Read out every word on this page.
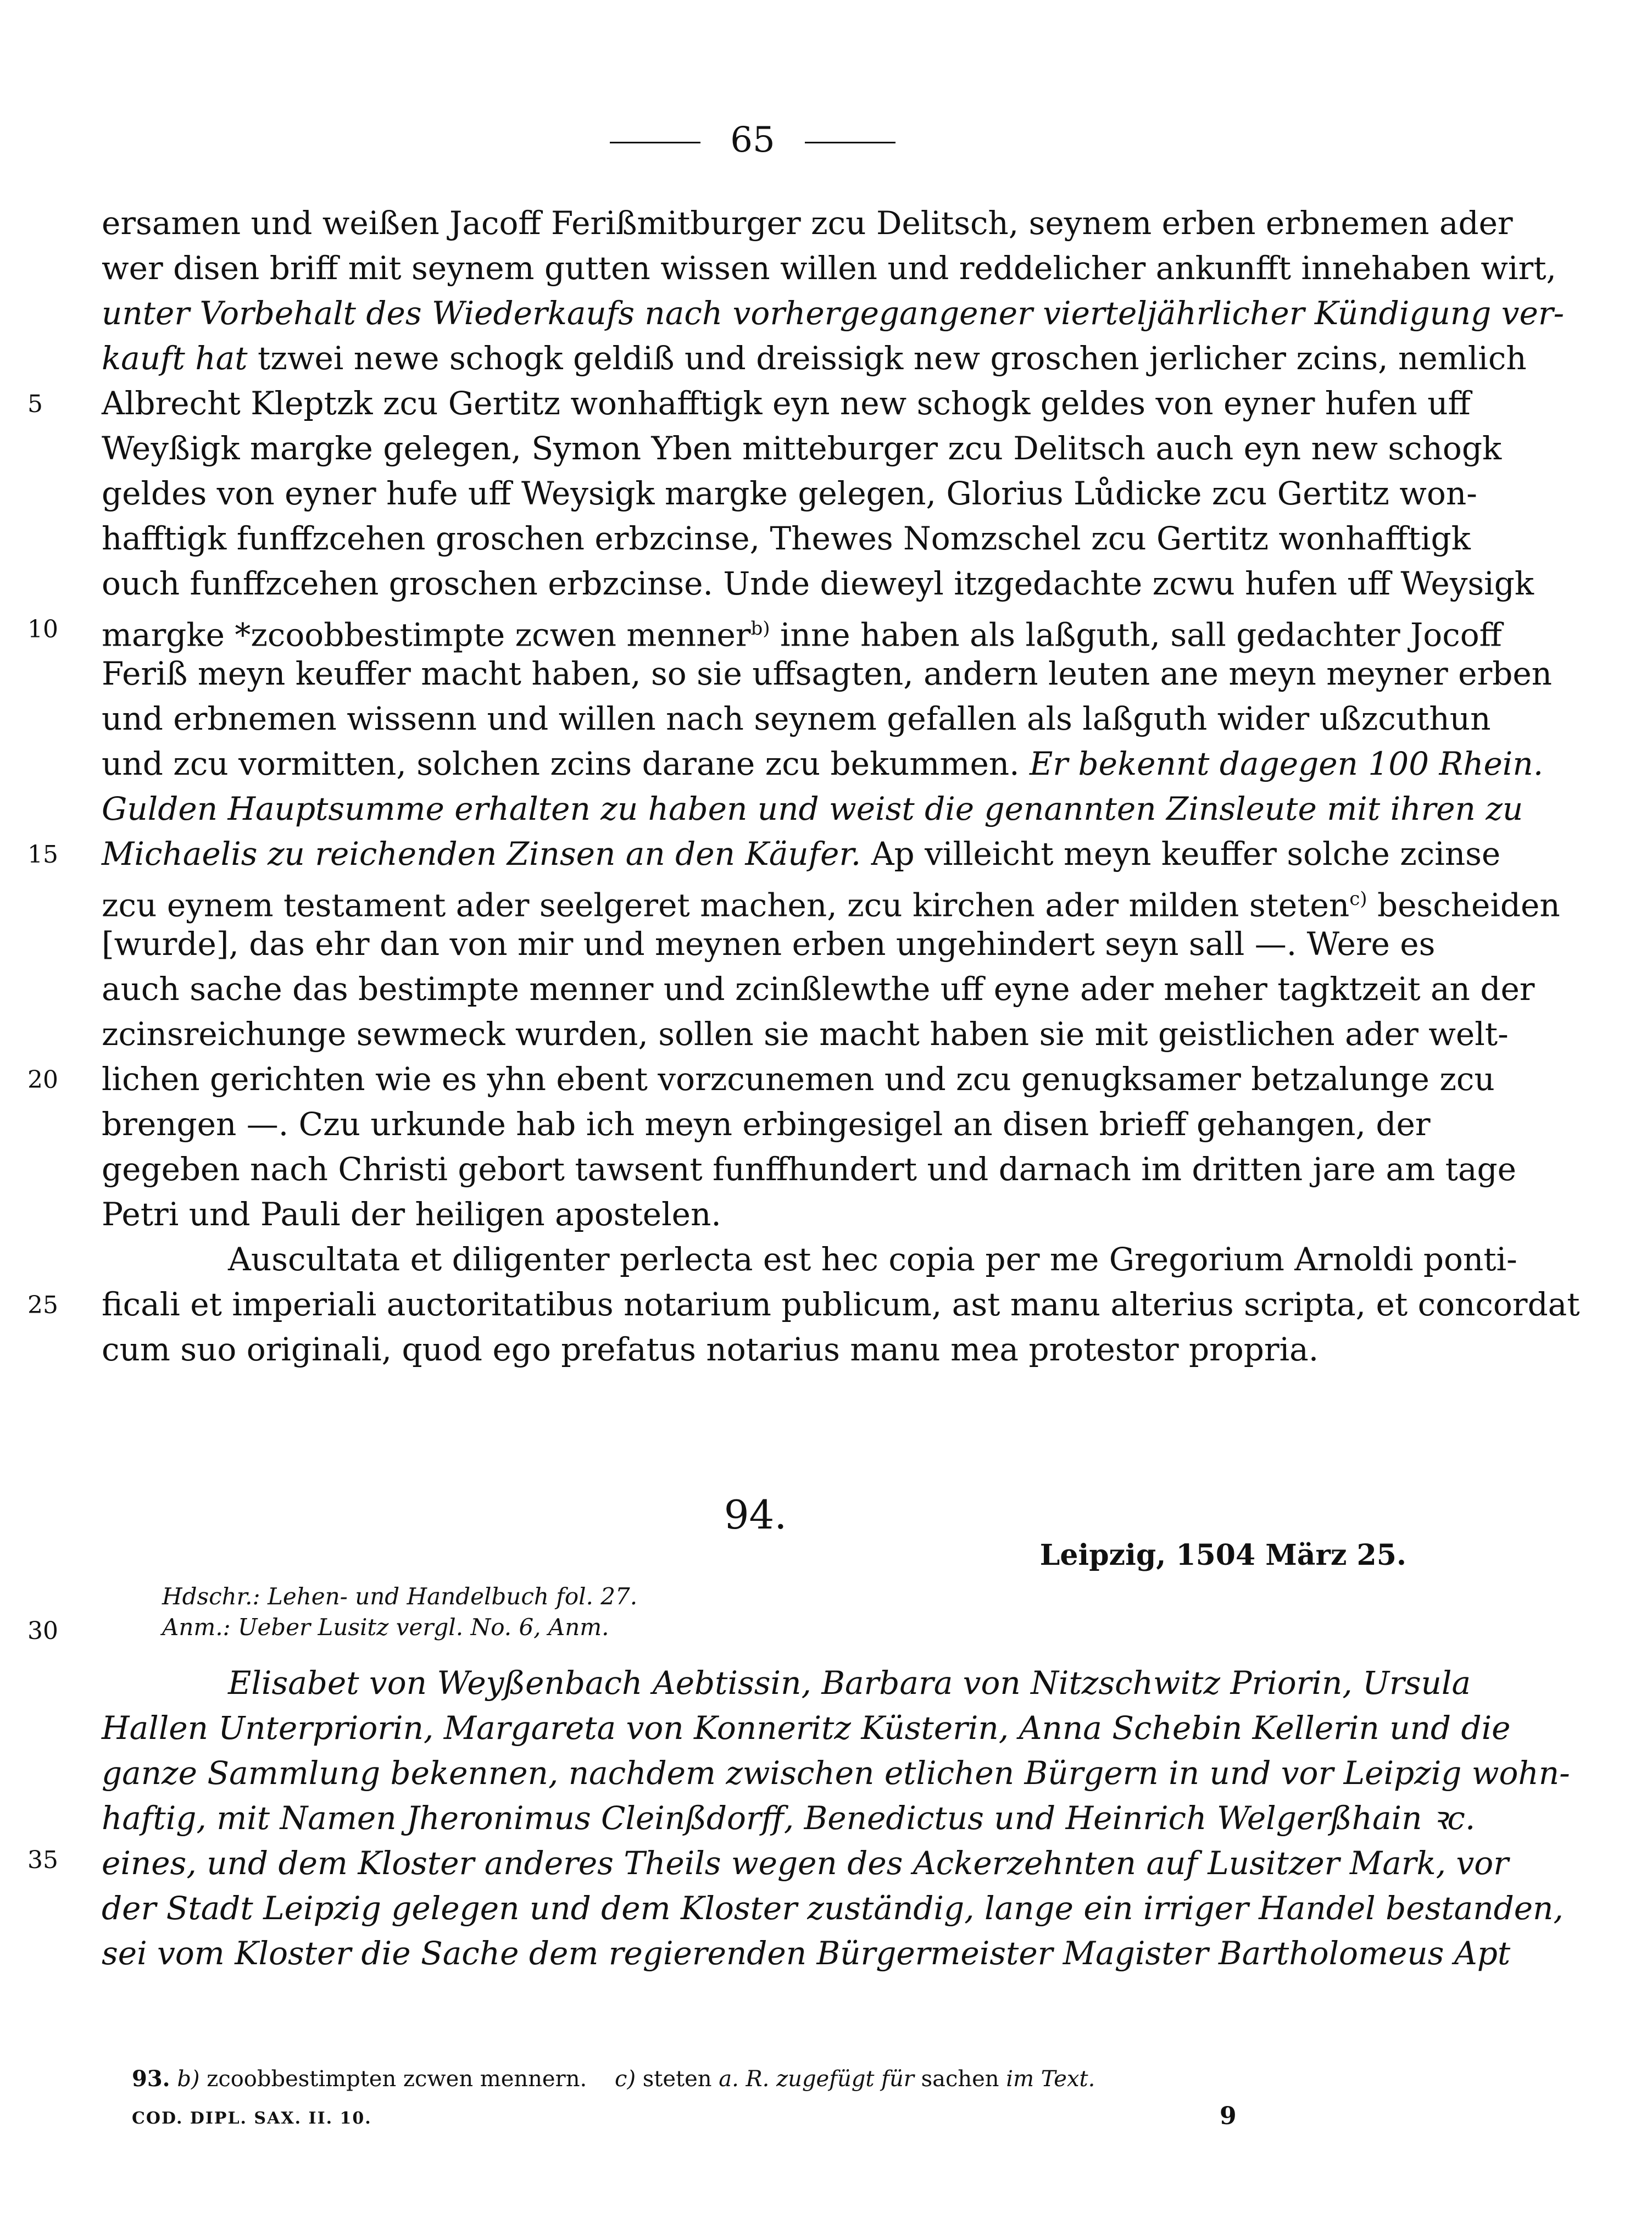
65
5
10
15
20
25
30
35
ersamen und weißen Jacoff Ferißmitburger zcu Delitsch, seynem erben erbnemen ader
wer disen briff mit seynem gutten wissen willen und reddelicher ankunfft innehaben wirt,
unter Vorbehalt des Wiederkaufs nach vorhergegangener vierteljährlicher Kündigung ver-
kauft hat tzwei newe schogk geldiß und dreissigk new groschen jerlicher zcins, nemlich
Albrecht Kleptzk zcu Gertitz wonhafftigk eyn new schogk geldes von eyner hufen uff
Weyßigk margke gelegen, Symon Yben mitteburger zcu Delitsch auch eyn new schogk
geldes von eyner hufe uff Weysigk margke gelegen, Glorius Lůdicke zcu Gertitz won-
hafftigk funffzcehen groschen erbzcinse, Thewes Nomzschel zcu Gertitz wonhafftigk
ouch funffzcehen groschen erbzcinse. Unde dieweyl itzgedachte zcwu hufen uff Weysigk
margke *zcoobbestimpte zcwen menner$^{b)}$ inne haben als laßguth, sall gedachter Jocoff
Feriß meyn keuffer macht haben, so sie uffsagten, andern leuten ane meyn meyner erben
und erbnemen wissenn und willen nach seynem gefallen als laßguth wider ußzcuthun
und zcu vormitten, solchen zcins darane zcu bekummen. Er bekennt dagegen 100 Rhein.
Gulden Hauptsumme erhalten zu haben und weist die genannten Zinsleute mit ihren zu
Michaelis zu reichenden Zinsen an den Käufer. Ap villeicht meyn keuffer solche zcinse
zcu eynem testament ader seelgeret machen, zcu kirchen ader milden steten$^{c)}$ bescheiden
[wurde], das ehr dan von mir und meynen erben ungehindert seyn sall —. Were es
auch sache das bestimpte menner und zcinßlewthe uff eyne ader meher tagktzeit an der
zcinsreichunge sewmeck wurden, sollen sie macht haben sie mit geistlichen ader welt-
lichen gerichten wie es yhn ebent vorzcunemen und zcu genugksamer betzalunge zcu
brengen —. Czu urkunde hab ich meyn erbingesigel an disen brieff gehangen, der
gegeben nach Christi gebort tawsent funffhundert und darnach im dritten jare am tage
Petri und Pauli der heiligen apostelen.
Auscultata et diligenter perlecta est hec copia per me Gregorium Arnoldi ponti-
ficali et imperiali auctoritatibus notarium publicum, ast manu alterius scripta, et concordat
cum suo originali, quod ego prefatus notarius manu mea protestor propria.
94.
Leipzig, 1504 März 25.
Hdschr.: Lehen- und Handelbuch fol. 27.
Anm.: Ueber Lusitz vergl. No. 6, Anm.
Elisabet von Weyßenbach Aebtissin, Barbara von Nitzschwitz Priorin, Ursula
Hallen Unterpriorin, Margareta von Konneritz Küsterin, Anna Schebin Kellerin und die
ganze Sammlung bekennen, nachdem zwischen etlichen Bürgern in und vor Leipzig wohn-
haftig, mit Namen Jheronimus Cleinßdorff, Benedictus und Heinrich Welgerßhain ꝛc.
eines, und dem Kloster anderes Theils wegen des Ackerzehnten auf Lusitzer Mark, vor
der Stadt Leipzig gelegen und dem Kloster zuständig, lange ein irriger Handel bestanden,
sei vom Kloster die Sache dem regierenden Bürgermeister Magister Bartholomeus Apt
93. b) zcoobbestimpten zcwen mennern. c) steten a. R. zugefügt für sachen im Text.
COD. DIPL. SAX. II. 10.	9
